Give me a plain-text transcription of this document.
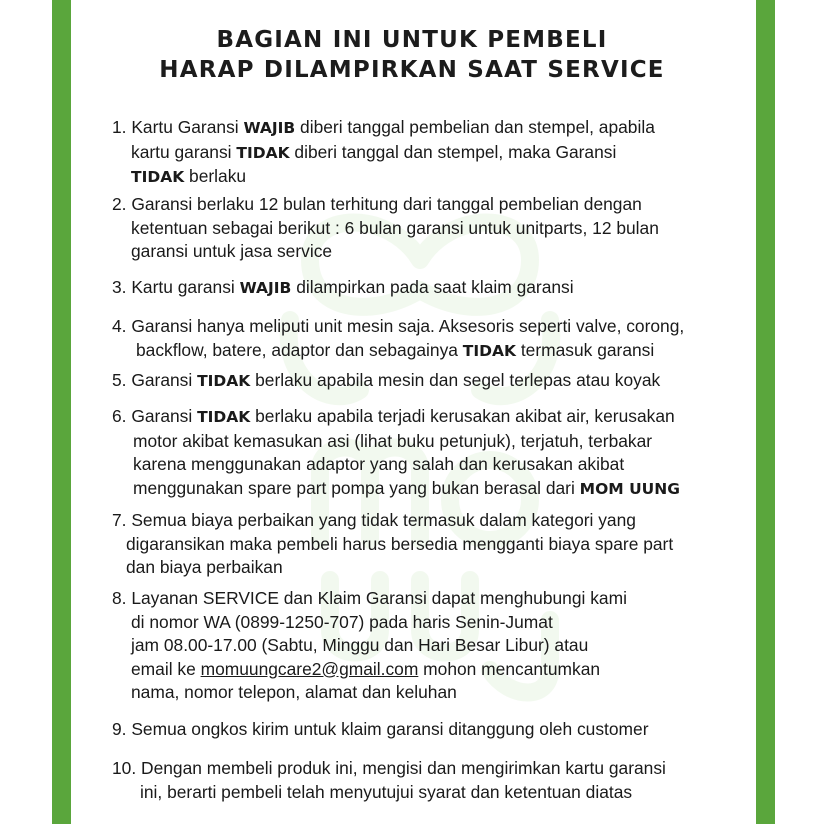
BAGIAN INI UNTUK PEMBELI
HARAP DILAMPIRKAN SAAT SERVICE
1. Kartu Garansi WAJIB diberi tanggal pembelian dan stempel, apabila
kartu garansi TIDAK diberi tanggal dan stempel, maka Garansi
TIDAK berlaku
2. Garansi berlaku 12 bulan terhitung dari tanggal pembelian dengan
ketentuan sebagai berikut : 6 bulan garansi untuk unitparts, 12 bulan
garansi untuk jasa service
3. Kartu garansi WAJIB dilampirkan pada saat klaim garansi
4. Garansi hanya meliputi unit mesin saja. Aksesoris seperti valve, corong,
backflow, batere, adaptor dan sebagainya TIDAK termasuk garansi
5. Garansi TIDAK berlaku apabila mesin dan segel terlepas atau koyak
6. Garansi TIDAK berlaku apabila terjadi kerusakan akibat air, kerusakan
motor akibat kemasukan asi (lihat buku petunjuk), terjatuh, terbakar
karena menggunakan adaptor yang salah dan kerusakan akibat
menggunakan spare part pompa yang bukan berasal dari MOM UUNG
7. Semua biaya perbaikan yang tidak termasuk dalam kategori yang
digaransikan maka pembeli harus bersedia mengganti biaya spare part
dan biaya perbaikan
8. Layanan SERVICE dan Klaim Garansi dapat menghubungi kami
di nomor WA (0899-1250-707) pada haris Senin-Jumat
jam 08.00-17.00 (Sabtu, Minggu dan Hari Besar Libur) atau
email ke momuungcare2@gmail.com mohon mencantumkan
nama, nomor telepon, alamat dan keluhan
9. Semua ongkos kirim untuk klaim garansi ditanggung oleh customer
10. Dengan membeli produk ini, mengisi dan mengirimkan kartu garansi
ini, berarti pembeli telah menyutujui syarat dan ketentuan diatas
